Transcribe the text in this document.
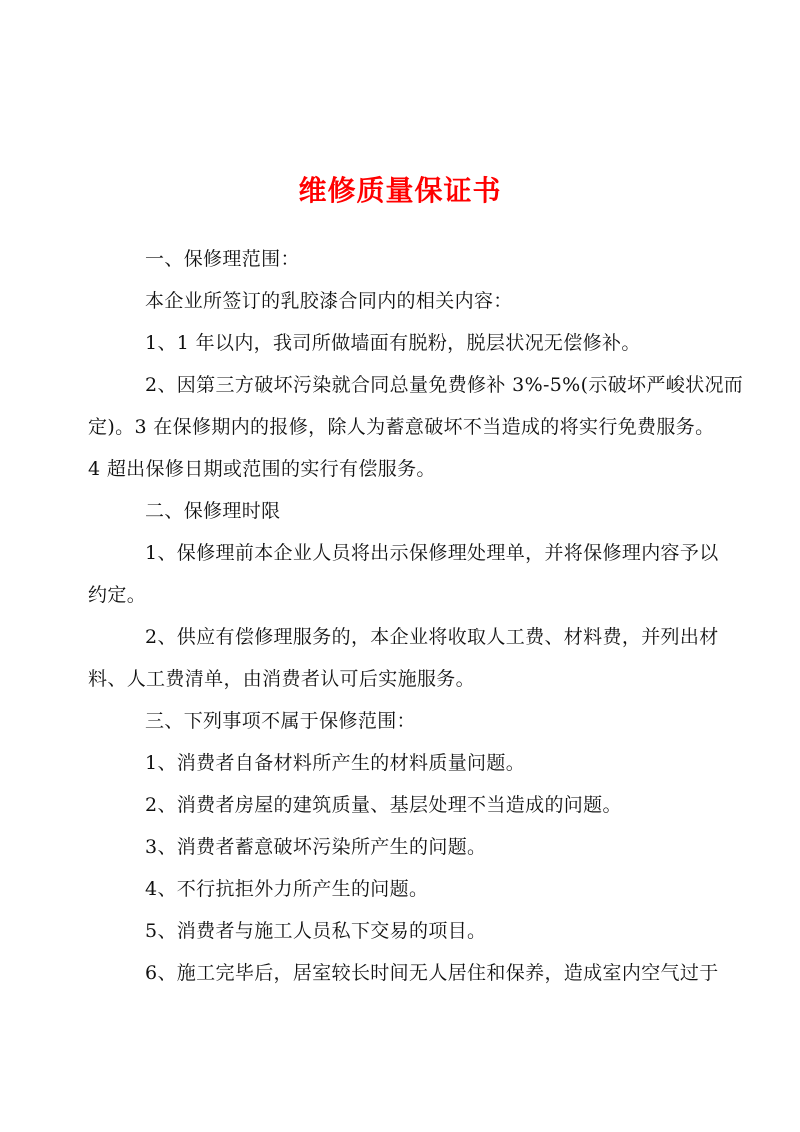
维修质量保证书
一、保修理范围：
本企业所签订的乳胶漆合同内的相关内容：
1、1 年以内，我司所做墙面有脱粉，脱层状况无偿修补。
2、因第三方破坏污染就合同总量免费修补 3%-5%(示破坏严峻状况而
定)。3 在保修期内的报修，除人为蓄意破坏不当造成的将实行免费服务。
4 超出保修日期或范围的实行有偿服务。
二、保修理时限
1、保修理前本企业人员将出示保修理处理单，并将保修理内容予以
约定。
2、供应有偿修理服务的，本企业将收取人工费、材料费，并列出材
料、人工费清单，由消费者认可后实施服务。
三、下列事项不属于保修范围：
1、消费者自备材料所产生的材料质量问题。
2、消费者房屋的建筑质量、基层处理不当造成的问题。
3、消费者蓄意破坏污染所产生的问题。
4、不行抗拒外力所产生的问题。
5、消费者与施工人员私下交易的项目。
6、施工完毕后，居室较长时间无人居住和保养，造成室内空气过于
